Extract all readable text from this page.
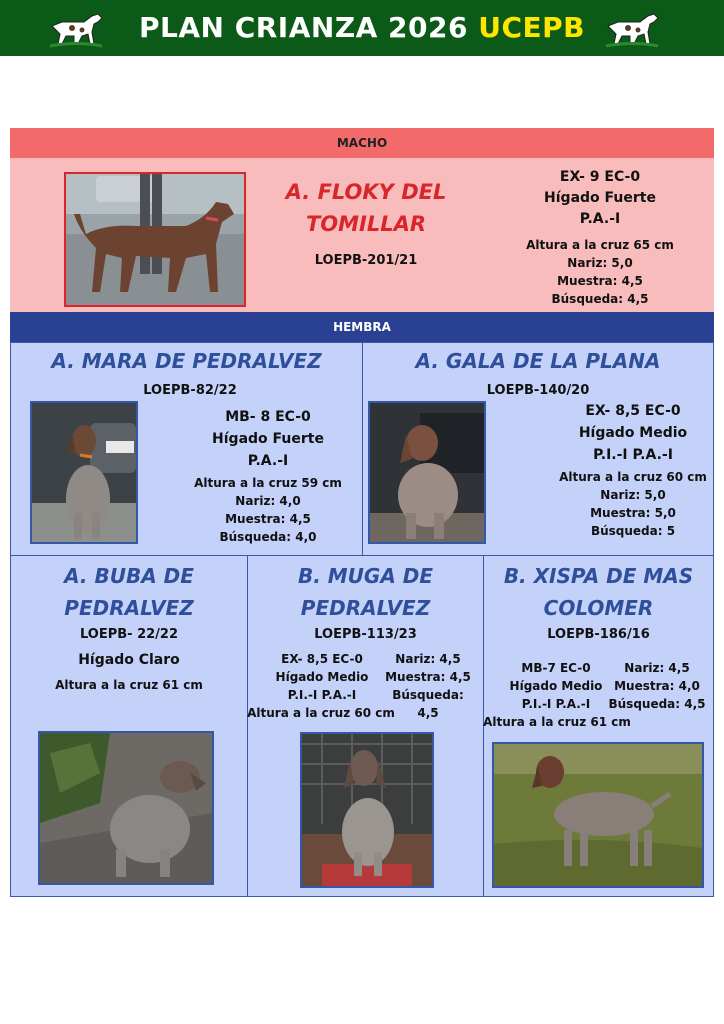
PLAN CRIANZA 2026 UCEPB
MACHO
A. FLOKY DEL
TOMILLAR
LOEPB-201/21
EX- 9 EC-0
Hígado Fuerte
P.A.-I
Altura a la cruz 65 cm
Nariz: 5,0
Muestra: 4,5
Búsqueda: 4,5
HEMBRA
A. MARA DE PEDRALVEZ
LOEPB-82/22
MB- 8 EC-0
Hígado Fuerte
P.A.-I
Altura a la cruz 59 cm
Nariz: 4,0
Muestra: 4,5
Búsqueda: 4,0
A. GALA DE LA PLANA
LOEPB-140/20
EX- 8,5 EC-0
Hígado Medio
P.I.-I P.A.-I
Altura a la cruz 60 cm
Nariz: 5,0
Muestra: 5,0
Búsqueda: 5
A. BUBA DE
PEDRALVEZ
LOEPB- 22/22
Hígado Claro
Altura a la cruz 61 cm
B. MUGA DE
PEDRALVEZ
LOEPB-113/23
EX- 8,5 EC-0
Hígado Medio
P.I.-I P.A.-I
Nariz: 4,5
Muestra: 4,5
Búsqueda: 4,5
Altura a la cruz 60 cm
B. XISPA DE MAS
COLOMER
LOEPB-186/16
MB-7 EC-0
Hígado Medio
P.I.-I P.A.-I
Nariz: 4,5
Muestra: 4,0
Búsqueda: 4,5
Altura a la cruz 61 cm
